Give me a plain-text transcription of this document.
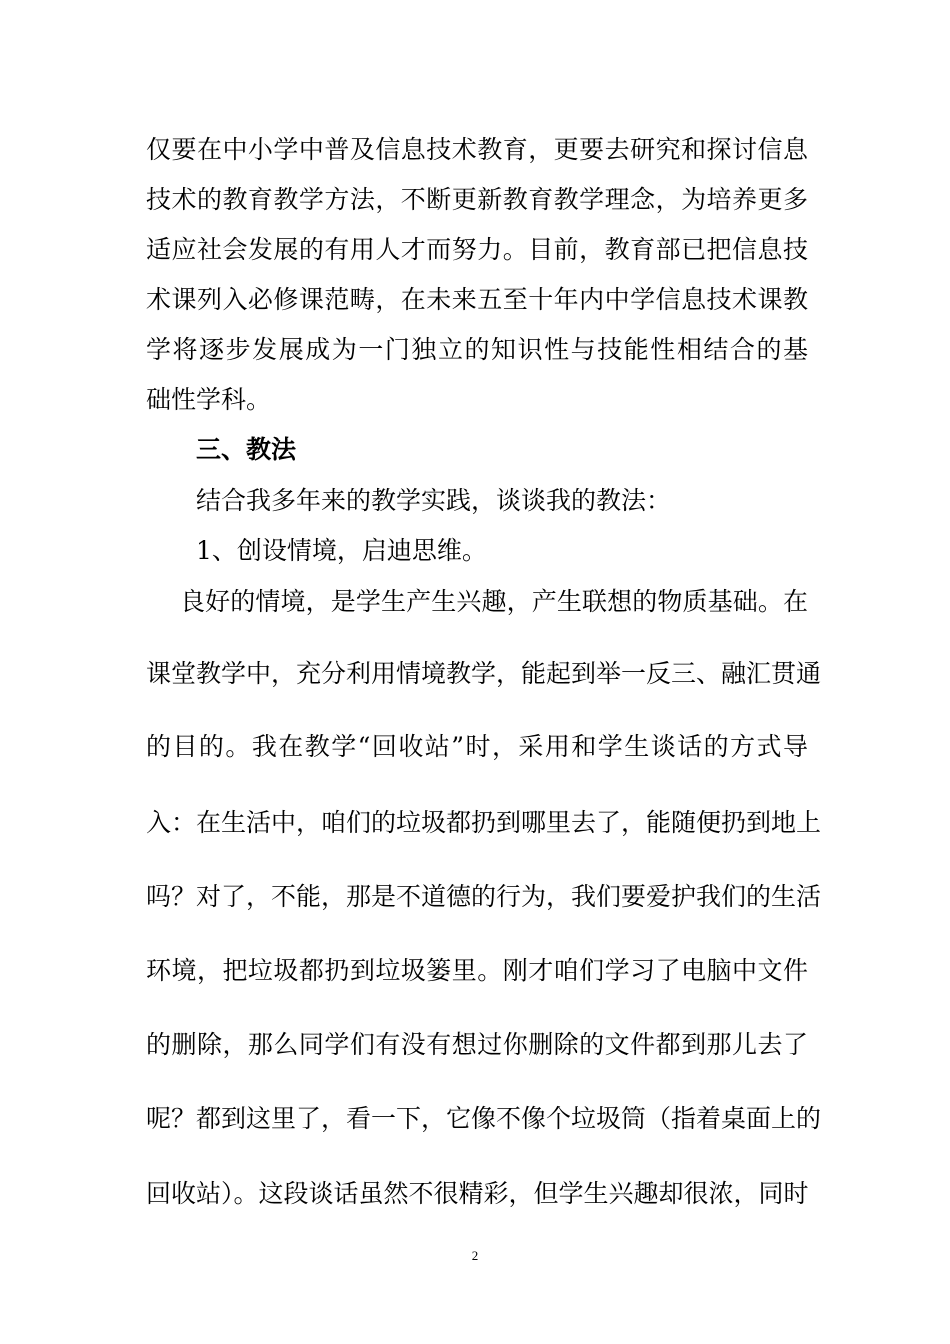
仅要在中小学中普及信息技术教育，更要去研究和探讨信息
技术的教育教学方法，不断更新教育教学理念，为培养更多
适应社会发展的有用人才而努力。目前，教育部已把信息技
术课列入必修课范畴，在未来五至十年内中学信息技术课教
学将逐步发展成为一门独立的知识性与技能性相结合的基
础性学科。
三、教法
结合我多年来的教学实践，谈谈我的教法：
1、创设情境，启迪思维。
良好的情境，是学生产生兴趣，产生联想的物质基础。在
课堂教学中，充分利用情境教学，能起到举一反三、融汇贯通
的目的。我在教学“回收站”时，采用和学生谈话的方式导
入：在生活中，咱们的垃圾都扔到哪里去了，能随便扔到地上
吗？对了，不能，那是不道德的行为，我们要爱护我们的生活
环境，把垃圾都扔到垃圾篓里。刚才咱们学习了电脑中文件
的删除，那么同学们有没有想过你删除的文件都到那儿去了
呢？都到这里了，看一下，它像不像个垃圾筒（指着桌面上的
回收站）。这段谈话虽然不很精彩，但学生兴趣却很浓，同时
2
